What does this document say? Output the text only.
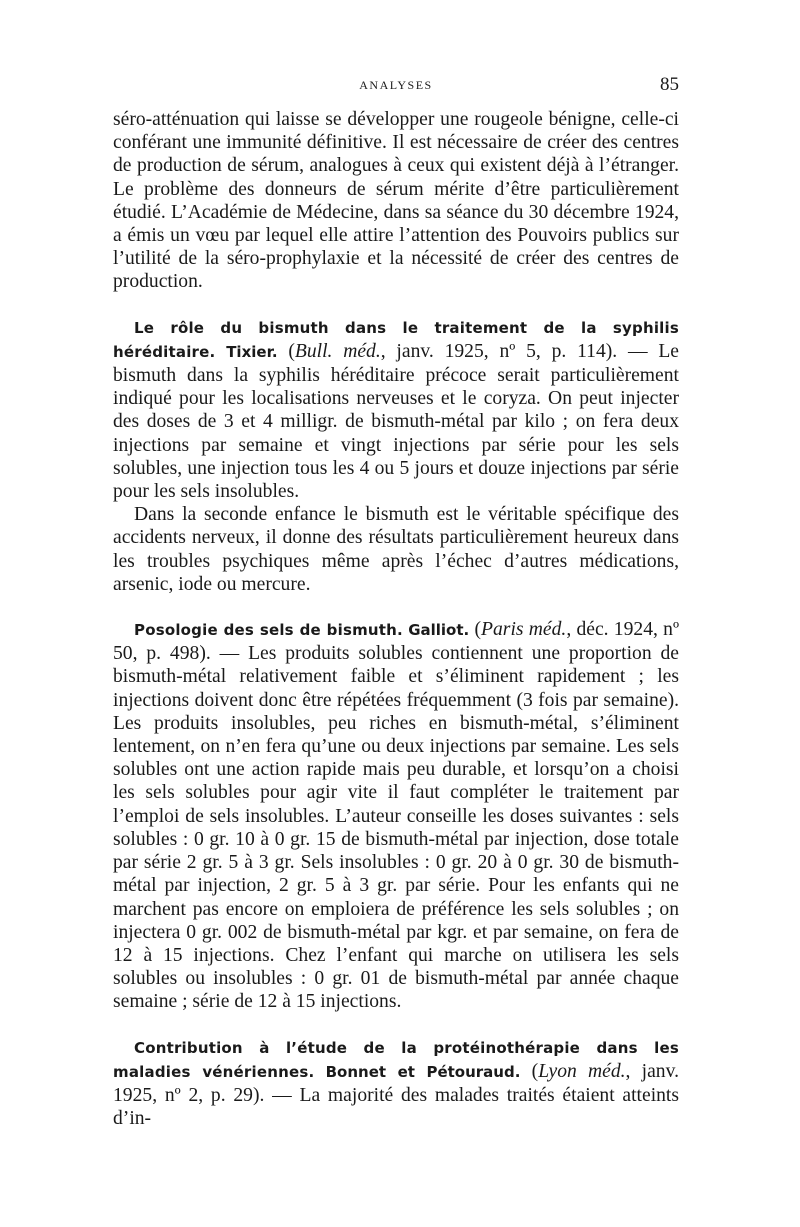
ANALYSES	85

séro-atténuation qui laisse se développer une rougeole bénigne, celle-ci conférant une immunité définitive. Il est nécessaire de créer des centres de production de sérum, analogues à ceux qui existent déjà à l’étranger. Le problème des donneurs de sérum mérite d’être particulièrement étudié. L’Académie de Médecine, dans sa séance du 30 décembre 1924, a émis un vœu par lequel elle attire l’attention des Pouvoirs publics sur l’utilité de la séro-prophylaxie et la nécessité de créer des centres de production.

Le rôle du bismuth dans le traitement de la syphilis héréditaire. Tixier. (Bull. méd., janv. 1925, nº 5, p. 114). — Le bismuth dans la syphilis héréditaire précoce serait particulièrement indiqué pour les localisations nerveuses et le coryza. On peut injecter des doses de 3 et 4 milligr. de bismuth-métal par kilo ; on fera deux injections par semaine et vingt injections par série pour les sels solubles, une injection tous les 4 ou 5 jours et douze injections par série pour les sels insolubles.

Dans la seconde enfance le bismuth est le véritable spécifique des accidents nerveux, il donne des résultats particulièrement heureux dans les troubles psychiques même après l’échec d’autres médications, arsenic, iode ou mercure.

Posologie des sels de bismuth. Galliot. (Paris méd., déc. 1924, nº 50, p. 498). — Les produits solubles contiennent une proportion de bismuth-métal relativement faible et s’éliminent rapidement ; les injections doivent donc être répétées fréquemment (3 fois par semaine). Les produits insolubles, peu riches en bismuth-métal, s’éliminent lentement, on n’en fera qu’une ou deux injections par semaine. Les sels solubles ont une action rapide mais peu durable, et lorsqu’on a choisi les sels solubles pour agir vite il faut compléter le traitement par l’emploi de sels insolubles. L’auteur conseille les doses suivantes : sels solubles : 0 gr. 10 à 0 gr. 15 de bismuth-métal par injection, dose totale par série 2 gr. 5 à 3 gr. Sels insolubles : 0 gr. 20 à 0 gr. 30 de bismuth-métal par injection, 2 gr. 5 à 3 gr. par série. Pour les enfants qui ne marchent pas encore on emploiera de préférence les sels solubles ; on injectera 0 gr. 002 de bismuth-métal par kgr. et par semaine, on fera de 12 à 15 injections. Chez l’enfant qui marche on utilisera les sels solubles ou insolubles : 0 gr. 01 de bismuth-métal par année chaque semaine ; série de 12 à 15 injections.

Contribution à l’étude de la protéinothérapie dans les maladies vénériennes. Bonnet et Pétouraud. (Lyon méd., janv. 1925, nº 2, p. 29). — La majorité des malades traités étaient atteints d’in-
